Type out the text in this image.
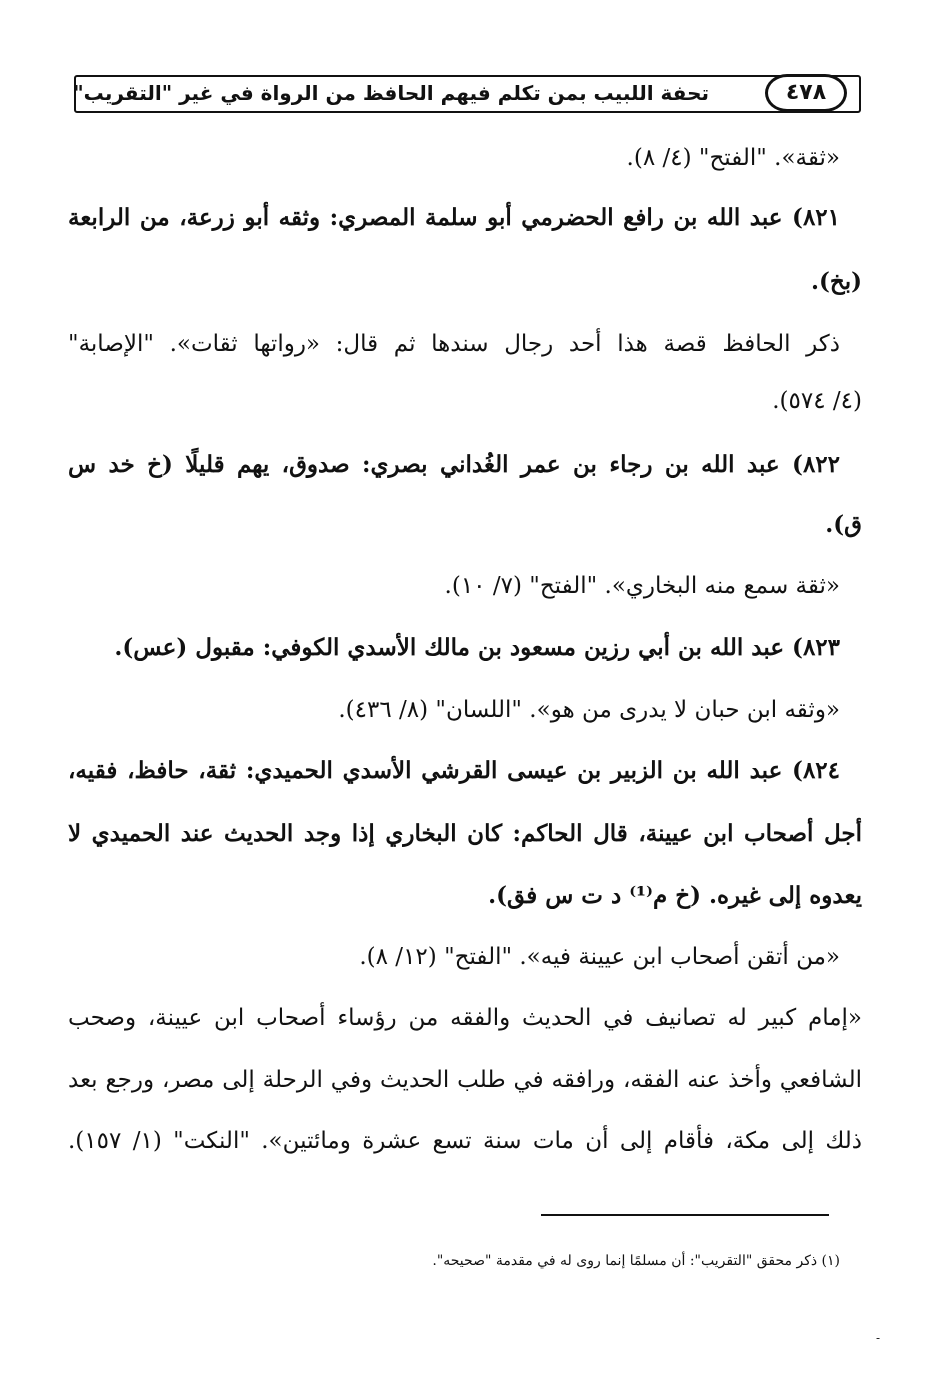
٤٧٨
تحفة اللبيب بمن تكلم فيهم الحافظ من الرواة في غير "التقريب"
«ثقة». "الفتح" (٤/ ٨).
٨٢١) عبد الله بن رافع الحضرمي أبو سلمة المصري: وثقه أبو زرعة، من الرابعة
(بخ).
ذكر الحافظ قصة هذا أحد رجال سندها ثم قال: «رواتها ثقات». "الإصابة"
(٤/ ٥٧٤).
٨٢٢) عبد الله بن رجاء بن عمر الغُداني بصري: صدوق، يهم قليلًا (خ خد س
ق).
«ثقة سمع منه البخاري». "الفتح" (٧/ ١٠).
٨٢٣) عبد الله بن أبي رزين مسعود بن مالك الأسدي الكوفي: مقبول (عس).
«وثقه ابن حبان لا يدرى من هو». "اللسان" (٨/ ٤٣٦).
٨٢٤) عبد الله بن الزبير بن عيسى القرشي الأسدي الحميدي: ثقة، حافظ، فقيه،
أجل أصحاب ابن عيينة، قال الحاكم: كان البخاري إذا وجد الحديث عند الحميدي لا
يعدوه إلى غيره. (خ م⁽¹⁾ د ت س فق).
«من أتقن أصحاب ابن عيينة فيه». "الفتح" (١٢/ ٨).
«إمام كبير له تصانيف في الحديث والفقه من رؤساء أصحاب ابن عيينة، وصحب
الشافعي وأخذ عنه الفقه، ورافقه في طلب الحديث وفي الرحلة إلى مصر، ورجع بعد
ذلك إلى مكة، فأقام إلى أن مات سنة تسع عشرة ومائتين». "النكت" (١/ ١٥٧).
(١) ذكر محقق "التقريب": أن مسلمًا إنما روى له في مقدمة "صحيحه".
-
